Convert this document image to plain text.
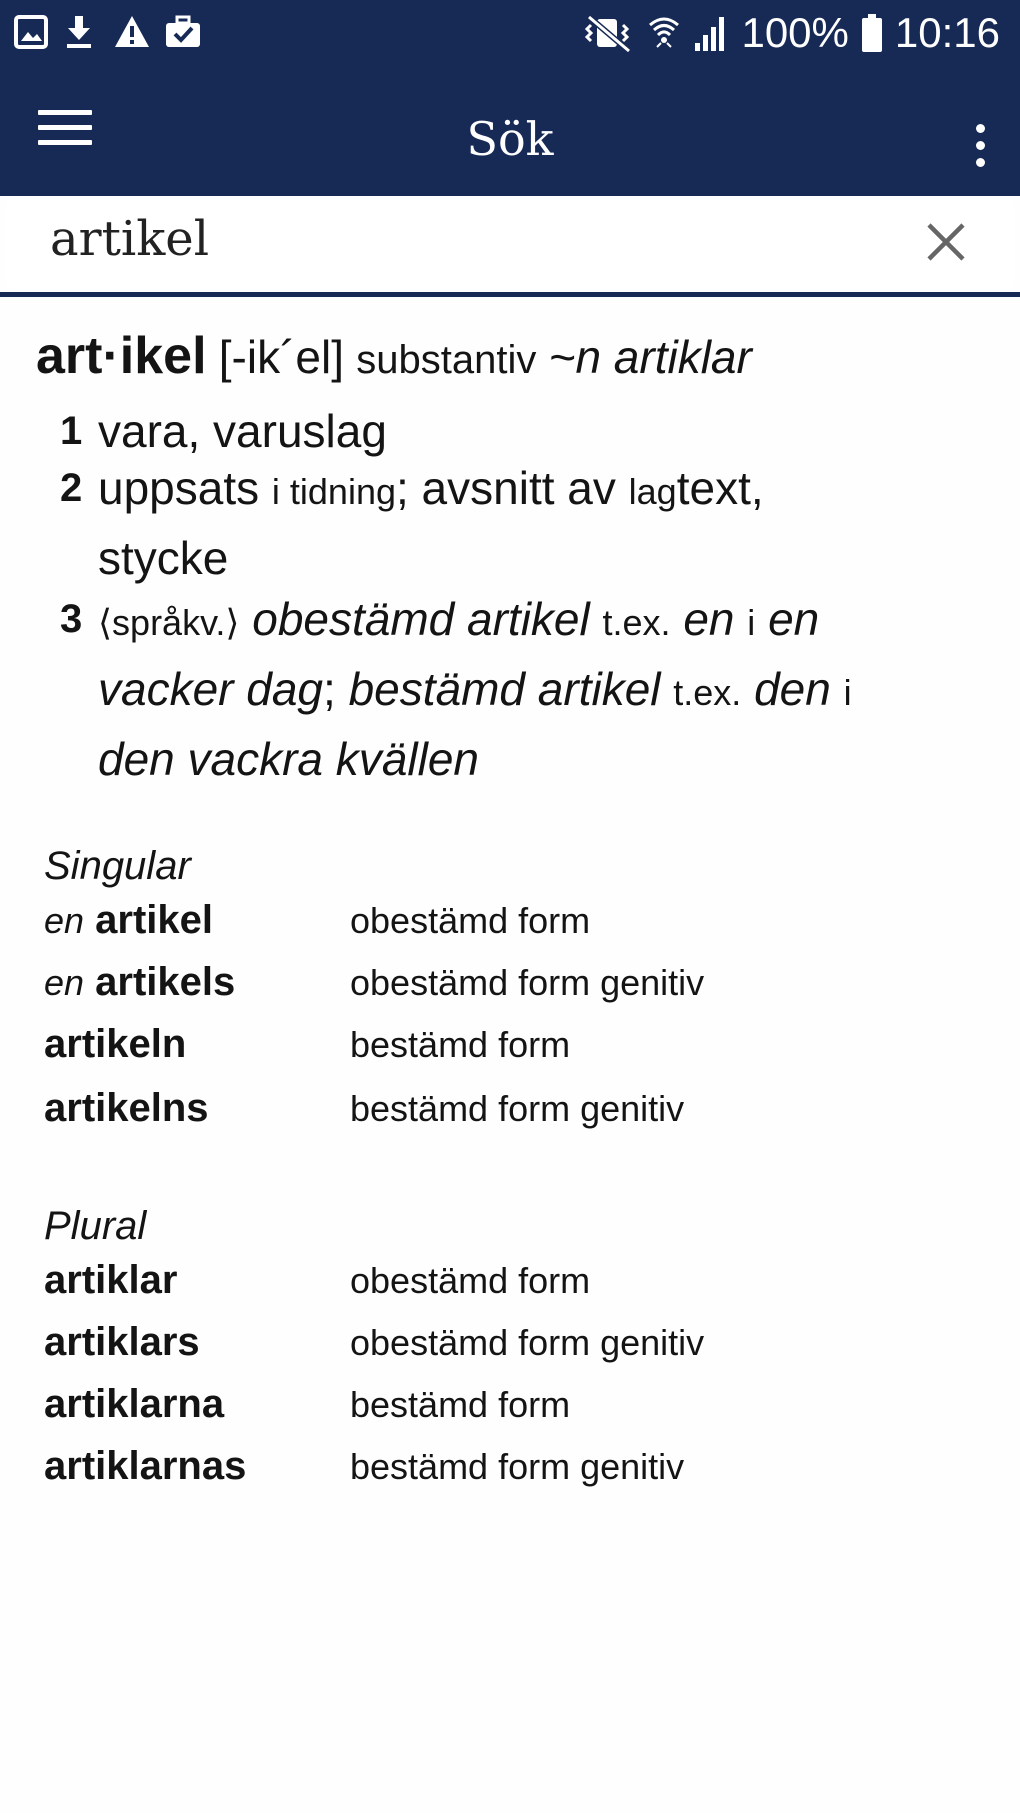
100% 10:16
Sök
artikel
art·ikel [-ik´el] substantiv ~n artiklar
1 vara, varuslag
2 uppsats i tidning; avsnitt av lagtext,
stycke
3 ⟨språkv.⟩ obestämd artikel t.ex. en i en
vacker dag; bestämd artikel t.ex. den i
den vackra kvällen
Singular
en artikel	obestämd form
en artikels	obestämd form genitiv
artikeln	bestämd form
artikelns	bestämd form genitiv
Plural
artiklar	obestämd form
artiklars	obestämd form genitiv
artiklarna	bestämd form
artiklarnas	bestämd form genitiv
